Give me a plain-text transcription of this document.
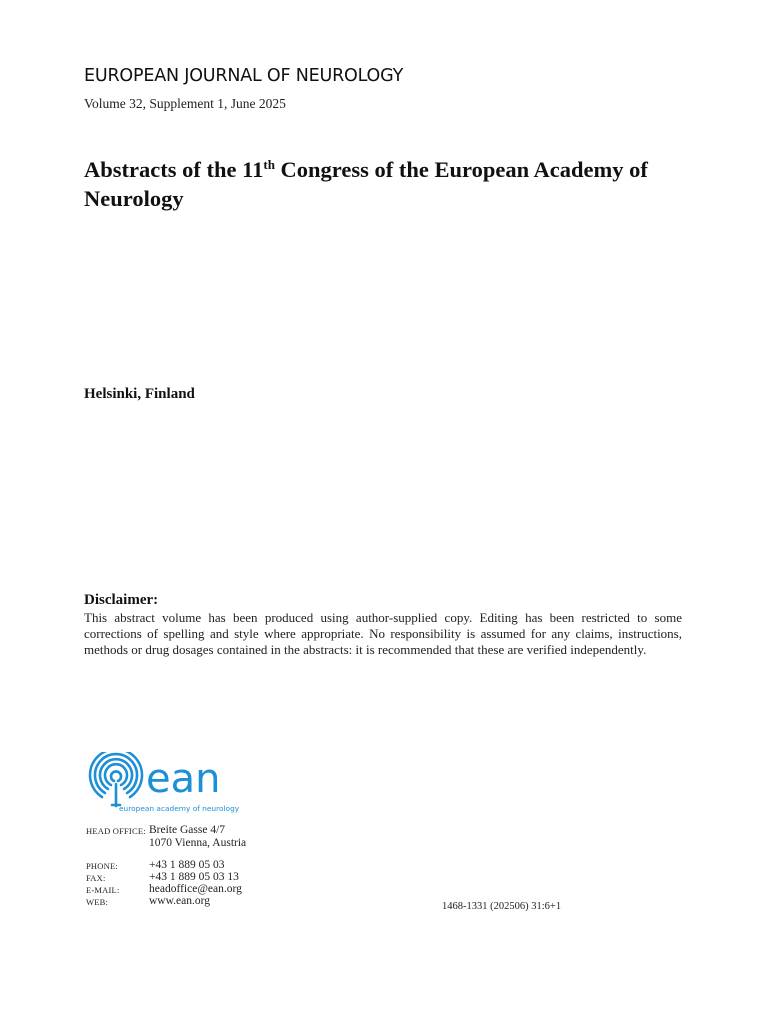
EUROPEAN JOURNAL OF NEUROLOGY
Volume 32, Supplement 1, June 2025
Abstracts of the 11th Congress of the European Academy of Neurology
Helsinki, Finland
Disclaimer:
This abstract volume has been produced using author-supplied copy. Editing has been restricted to some corrections of spelling and style where appropriate. No responsibility is assumed for any claims, instructions, methods or drug dosages contained in the abstracts: it is recommended that these are verified independently.
ean
european academy of neurology
HEAD OFFICE: Breite Gasse 4/7
1070 Vienna, Austria
PHONE:	+43 1 889 05 03
FAX:	+43 1 889 05 03 13
E-MAIL:	headoffice@ean.org
WEB:	www.ean.org	1468-1331 (202506) 31:6+1
